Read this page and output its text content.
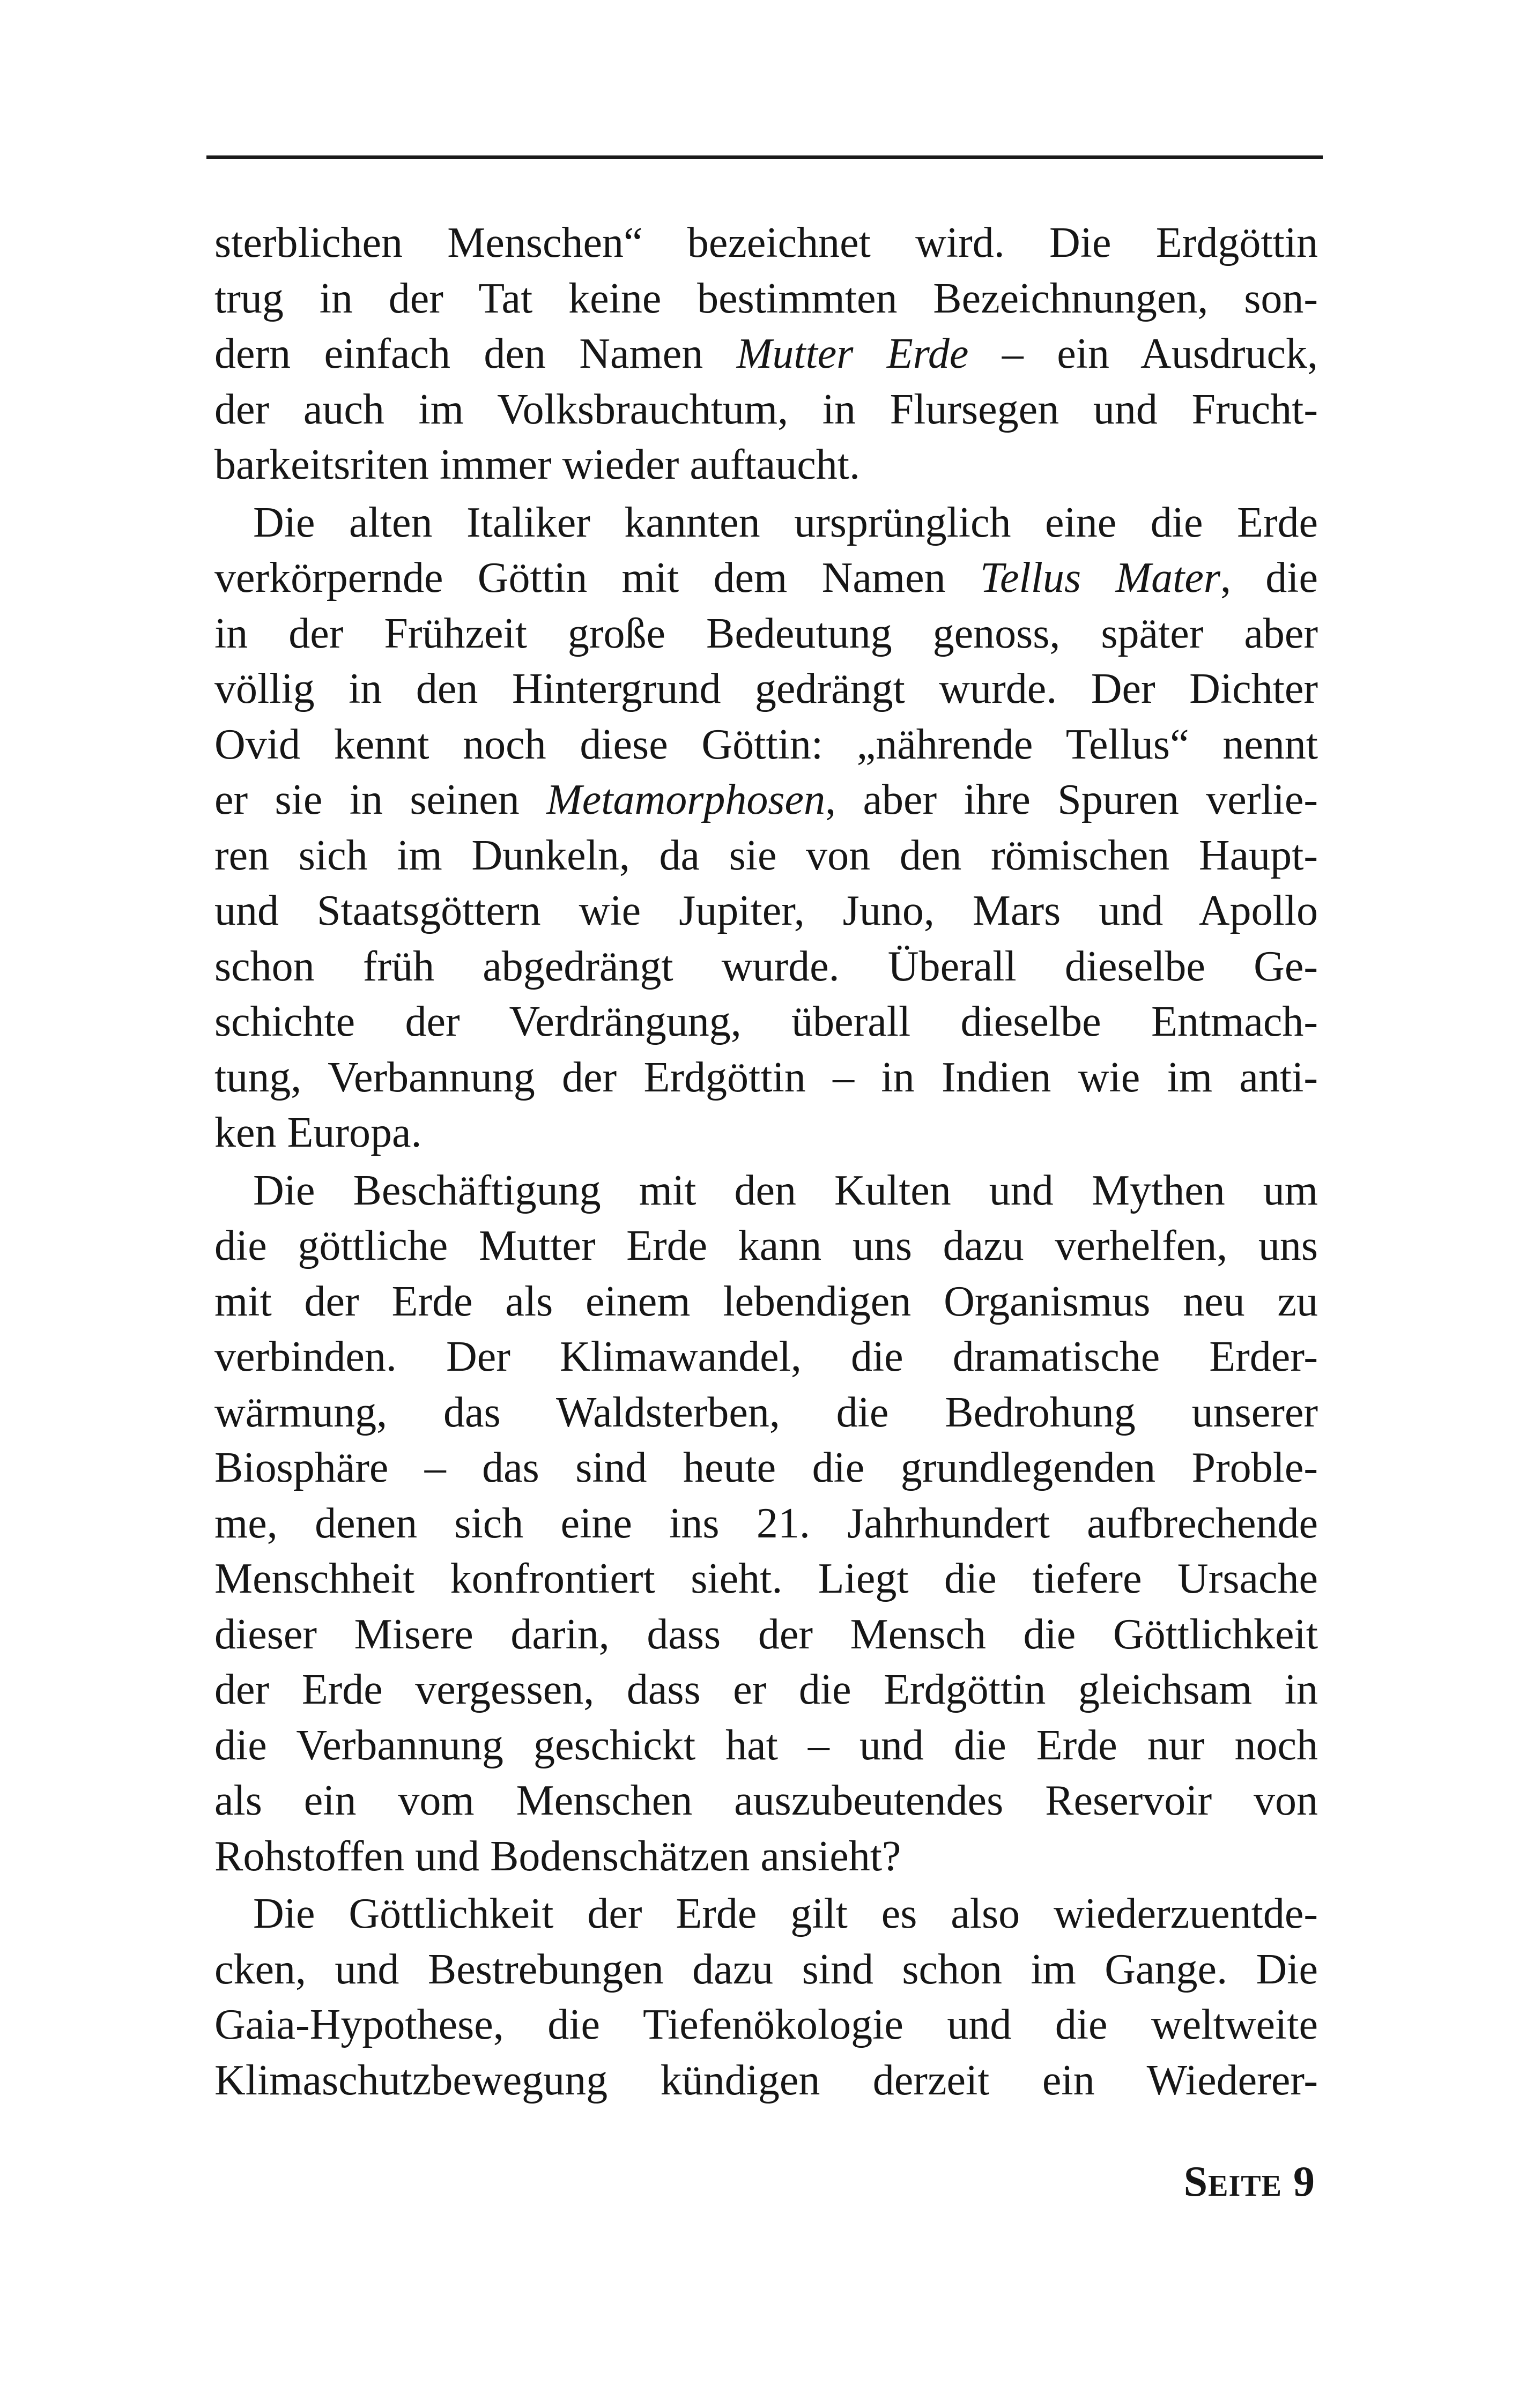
sterblichen Menschen“ bezeichnet wird. Die Erdgöttin
trug in der Tat keine bestimmten Bezeichnungen, son-
dern einfach den Namen Mutter Erde – ein Ausdruck,
der auch im Volksbrauchtum, in Flursegen und Frucht-
barkeitsriten immer wieder auftaucht.
Die alten Italiker kannten ursprünglich eine die Erde
verkörpernde Göttin mit dem Namen Tellus Mater, die
in der Frühzeit große Bedeutung genoss, später aber
völlig in den Hintergrund gedrängt wurde. Der Dichter
Ovid kennt noch diese Göttin: „nährende Tellus“ nennt
er sie in seinen Metamorphosen, aber ihre Spuren verlie-
ren sich im Dunkeln, da sie von den römischen Haupt-
und Staatsgöttern wie Jupiter, Juno, Mars und Apollo
schon früh abgedrängt wurde. Überall dieselbe Ge-
schichte der Verdrängung, überall dieselbe Entmach-
tung, Verbannung der Erdgöttin – in Indien wie im anti-
ken Europa.
Die Beschäftigung mit den Kulten und Mythen um
die göttliche Mutter Erde kann uns dazu verhelfen, uns
mit der Erde als einem lebendigen Organismus neu zu
verbinden. Der Klimawandel, die dramatische Erder-
wärmung, das Waldsterben, die Bedrohung unserer
Biosphäre – das sind heute die grundlegenden Proble-
me, denen sich eine ins 21. Jahrhundert aufbrechende
Menschheit konfrontiert sieht. Liegt die tiefere Ursache
dieser Misere darin, dass der Mensch die Göttlichkeit
der Erde vergessen, dass er die Erdgöttin gleichsam in
die Verbannung geschickt hat – und die Erde nur noch
als ein vom Menschen auszubeutendes Reservoir von
Rohstoffen und Bodenschätzen ansieht?
Die Göttlichkeit der Erde gilt es also wiederzuentde-
cken, und Bestrebungen dazu sind schon im Gange. Die
Gaia-Hypothese, die Tiefenökologie und die weltweite
Klimaschutzbewegung kündigen derzeit ein Wiederer-
Seite 9
